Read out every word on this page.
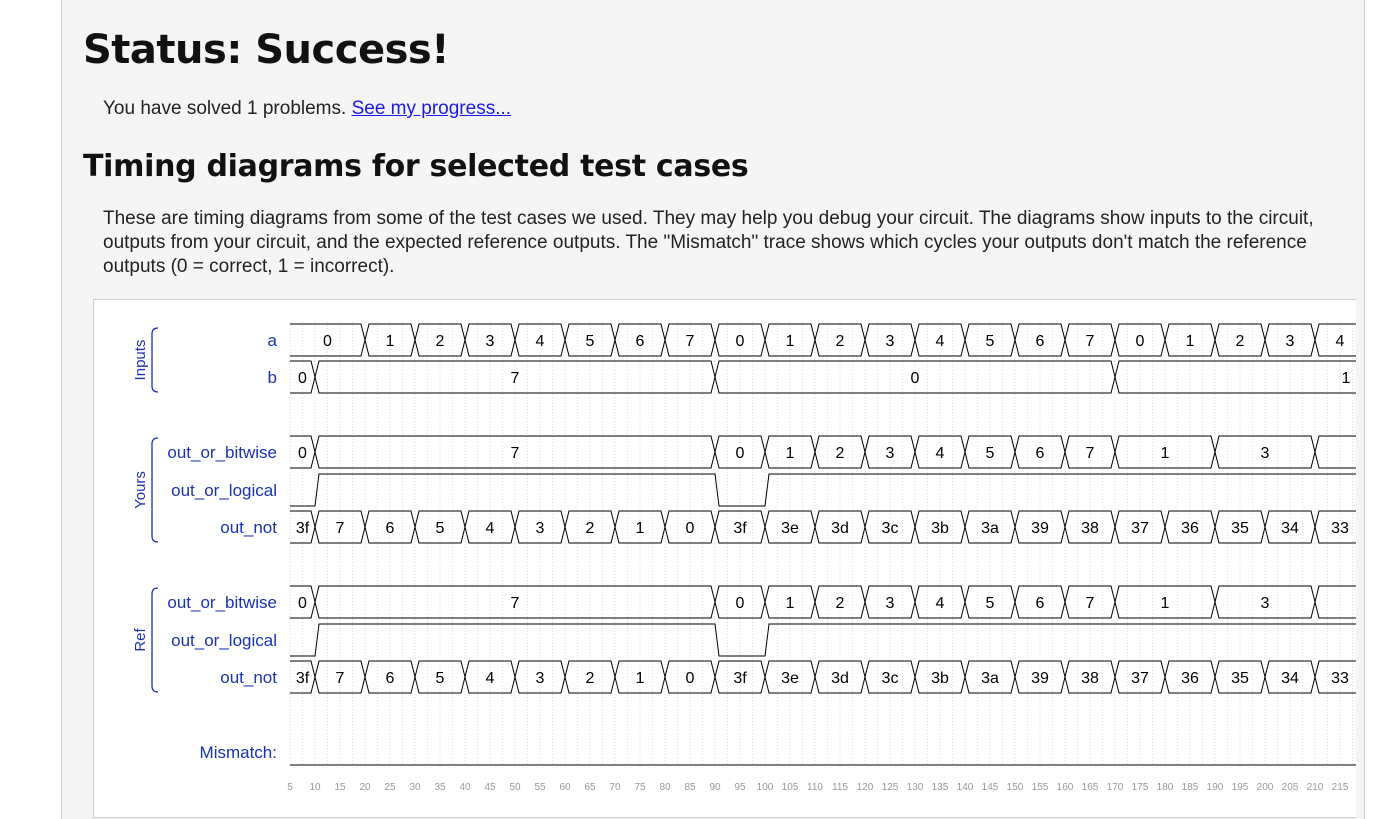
Status: Success!
You have solved 1 problems. See my progress...
Timing diagrams for selected test cases
These are timing diagrams from some of the test cases we used. They may help you debug your circuit. The diagrams show inputs to the circuit, outputs from your circuit, and the expected reference outputs. The "Mismatch" trace shows which cycles your outputs don't match the reference outputs (0 = correct, 1 = incorrect).
5 10 15 20 25 30 35 40 45 50 55 60 65 70 75 80 85 90 95 100 105 110 115 120 125 130 135 140 145 150 155 160 165 170 175 180 185 190 195 200 205 210 215
Inputs
Yours
Ref
a
b
out_or_bitwise
out_or_logical
out_not
out_or_bitwise
out_or_logical
out_not
Mismatch:
0	1	2	3	4	5	6	7	0	1	2	3	4	5	6	7	0	1	2	3	4
0	7	0	1
0	7	0	1	2	3	4	5	6	7	1	3
3f 7	6	5	4	3	2	1	0 3f 3e 3d 3c 3b 3a 39 38 37 36 35 34 33
0	7	0	1	2	3	4	5	6	7	1	3
3f 7	6	5	4	3	2	1	0 3f 3e 3d 3c 3b 3a 39 38 37 36 35 34 33
